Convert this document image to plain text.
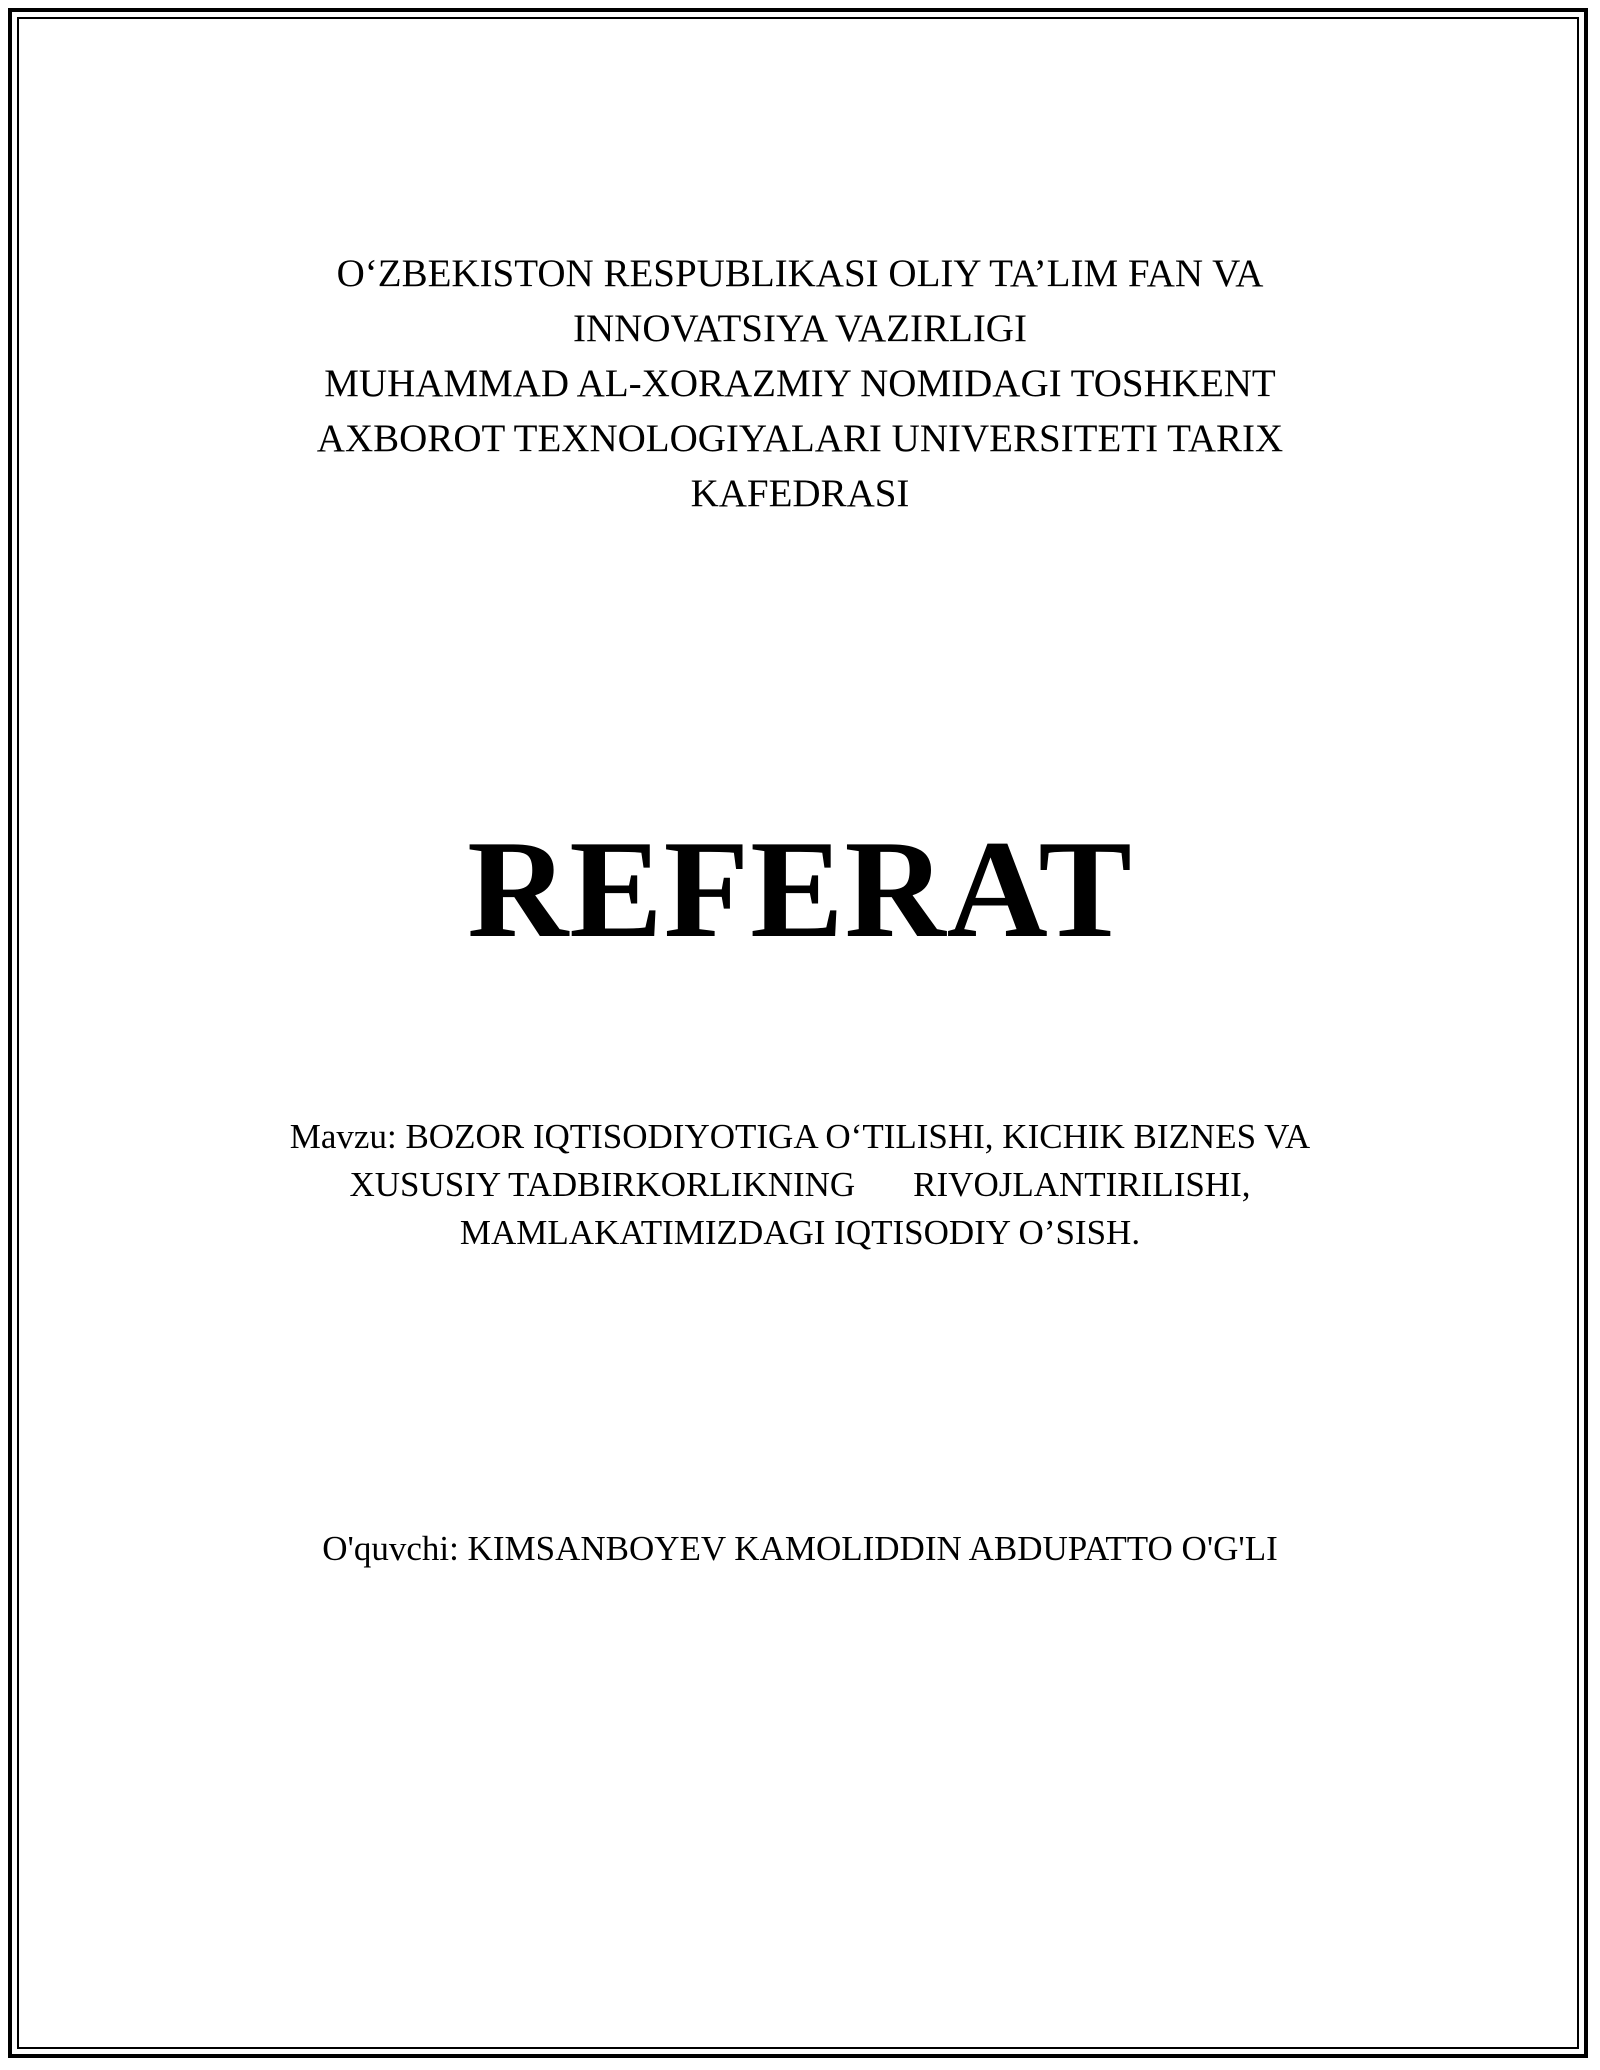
O‘ZBEKISTON RESPUBLIKASI OLIY TA’LIM FAN VA
INNOVATSIYA VAZIRLIGI
MUHAMMAD AL-XORAZMIY NOMIDAGI TOSHKENT
AXBOROT TEXNOLOGIYALARI UNIVERSITETI TARIX
KAFEDRASI
REFERAT
Mavzu: BOZOR IQTISODIYOTIGA O‘TILISHI, KICHIK BIZNES VA
XUSUSIY TADBIRKORLIKNING RIVOJLANTIRILISHI,
MAMLAKATIMIZDAGI IQTISODIY O’SISH.
O'quvchi: KIMSANBOYEV KAMOLIDDIN ABDUPATTO O'G'LI
